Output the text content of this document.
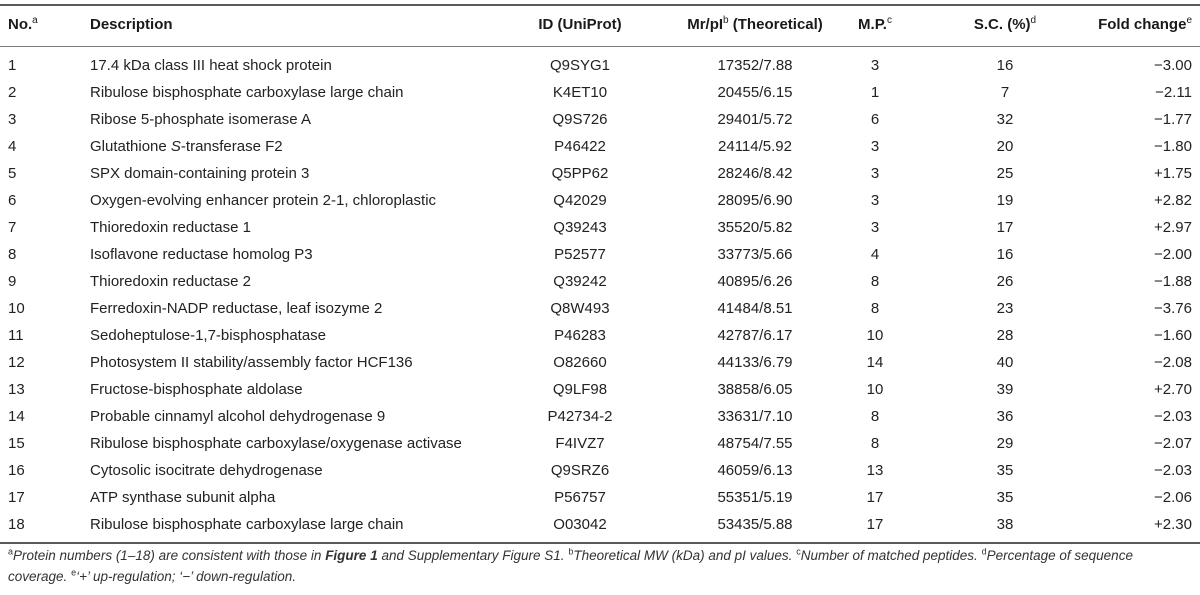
No.$^a$	Description	ID (UniProt)	$Mr/pI^b$ (Theoretical)	M.P.$^c$	S.C. (%)$^d$	Fold change$^e$
1	17.4 kDa class III heat shock protein	Q9SYG1	17352/7.88	3	16	−3.00
2	Ribulose bisphosphate carboxylase large chain	K4ET10	20455/6.15	1	7	−2.11
3	Ribose 5-phosphate isomerase A	Q9S726	29401/5.72	6	32	−1.77
4	Glutathione S-transferase F2	P46422	24114/5.92	3	20	−1.80
5	SPX domain-containing protein 3	Q5PP62	28246/8.42	3	25	+1.75
6	Oxygen-evolving enhancer protein 2-1, chloroplastic	Q42029	28095/6.90	3	19	+2.82
7	Thioredoxin reductase 1	Q39243	35520/5.82	3	17	+2.97
8	Isoflavone reductase homolog P3	P52577	33773/5.66	4	16	−2.00
9	Thioredoxin reductase 2	Q39242	40895/6.26	8	26	−1.88
10	Ferredoxin-NADP reductase, leaf isozyme 2	Q8W493	41484/8.51	8	23	−3.76
11	Sedoheptulose-1,7-bisphosphatase	P46283	42787/6.17	10	28	−1.60
12	Photosystem II stability/assembly factor HCF136	O82660	44133/6.79	14	40	−2.08
13	Fructose-bisphosphate aldolase	Q9LF98	38858/6.05	10	39	+2.70
14	Probable cinnamyl alcohol dehydrogenase 9	P42734-2	33631/7.10	8	36	−2.03
15	Ribulose bisphosphate carboxylase/oxygenase activase	F4IVZ7	48754/7.55	8	29	−2.07
16	Cytosolic isocitrate dehydrogenase	Q9SRZ6	46059/6.13	13	35	−2.03
17	ATP synthase subunit alpha	P56757	55351/5.19	17	35	−2.06
18	Ribulose bisphosphate carboxylase large chain	O03042	53435/5.88	17	38	+2.30
$^a$Protein numbers (1–18) are consistent with those in Figure 1 and Supplementary Figure S1. $^b$Theoretical MW (kDa) and pI values. $^c$Number of matched peptides. $^d$Percentage of sequence coverage. $^e$‘+’ up-regulation; ‘−’ down-regulation.
